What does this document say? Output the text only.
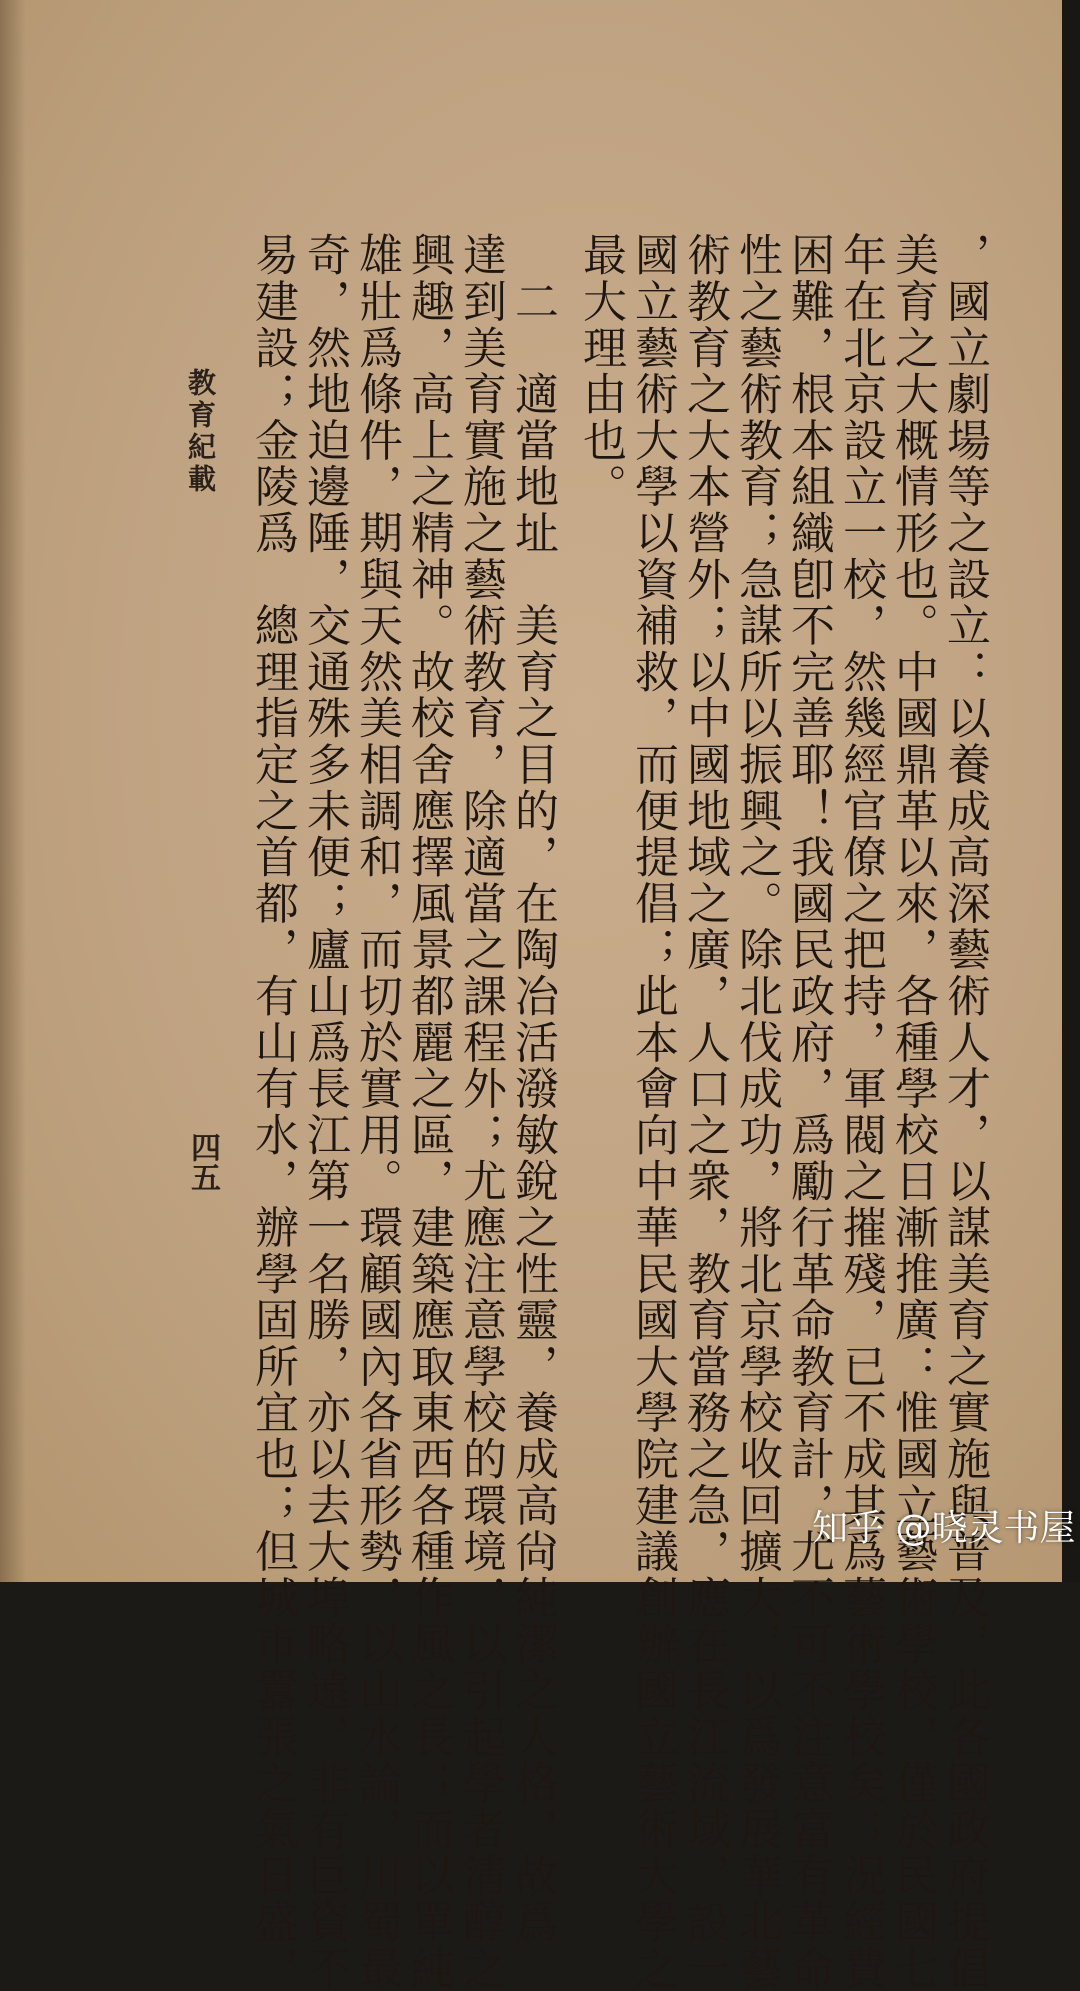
，國立劇場等之設立：以養成高深藝術人才，以謀美育之實施與普及，此各國政府提倡
美育之大概情形也。中國鼎革以來，各種學校日漸推廣：惟國立藝術學校，僅於民國七
年在北京設立一校，然幾經官僚之把持，軍閥之摧殘，已不成其爲藝術學校矣；況經費
困難，根本組織卽不完善耶！我國民政府，爲勵行革命教育計，尤不可不注意富有革命
性之藝術教育；急謀所以振興之。除北伐成功，將北京學校收回擴大，以爲發展華北藝
術教育之大本營外；以中國地域之廣，人口之衆，教育當務之急，應在長江流域，設一
國立藝術大學以資補救，而便提倡；此本會向中華民國大學院建議創辦國立藝術大學之
最大理由也。
　二　適當地址　美育之目的，在陶冶活潑敏銳之性靈，養成高尙純潔之人格，故爲
達到美育實施之藝術教育，除適當之課程外；尤應注意學校的環境，以引起學者淸醇之
興趣，高上之精神。故校舍應擇風景都麗之區，建築應取東西各種作風之長；而以單純
雄壯爲條件，期與天然美相調和，而切於實用。環顧國內各省形勢，以山水論，川蜀最
奇，然地迫邊陲，交通殊多未便；廬山爲長江第一名勝，亦以去大埠略遠，非有巨資不
易建設；金陵爲　總理指定之首都，有山有水，辦學固所宜也；但城市囂張之氣日盛，
教育紀載
四五
知乎 @晓灵书屋
